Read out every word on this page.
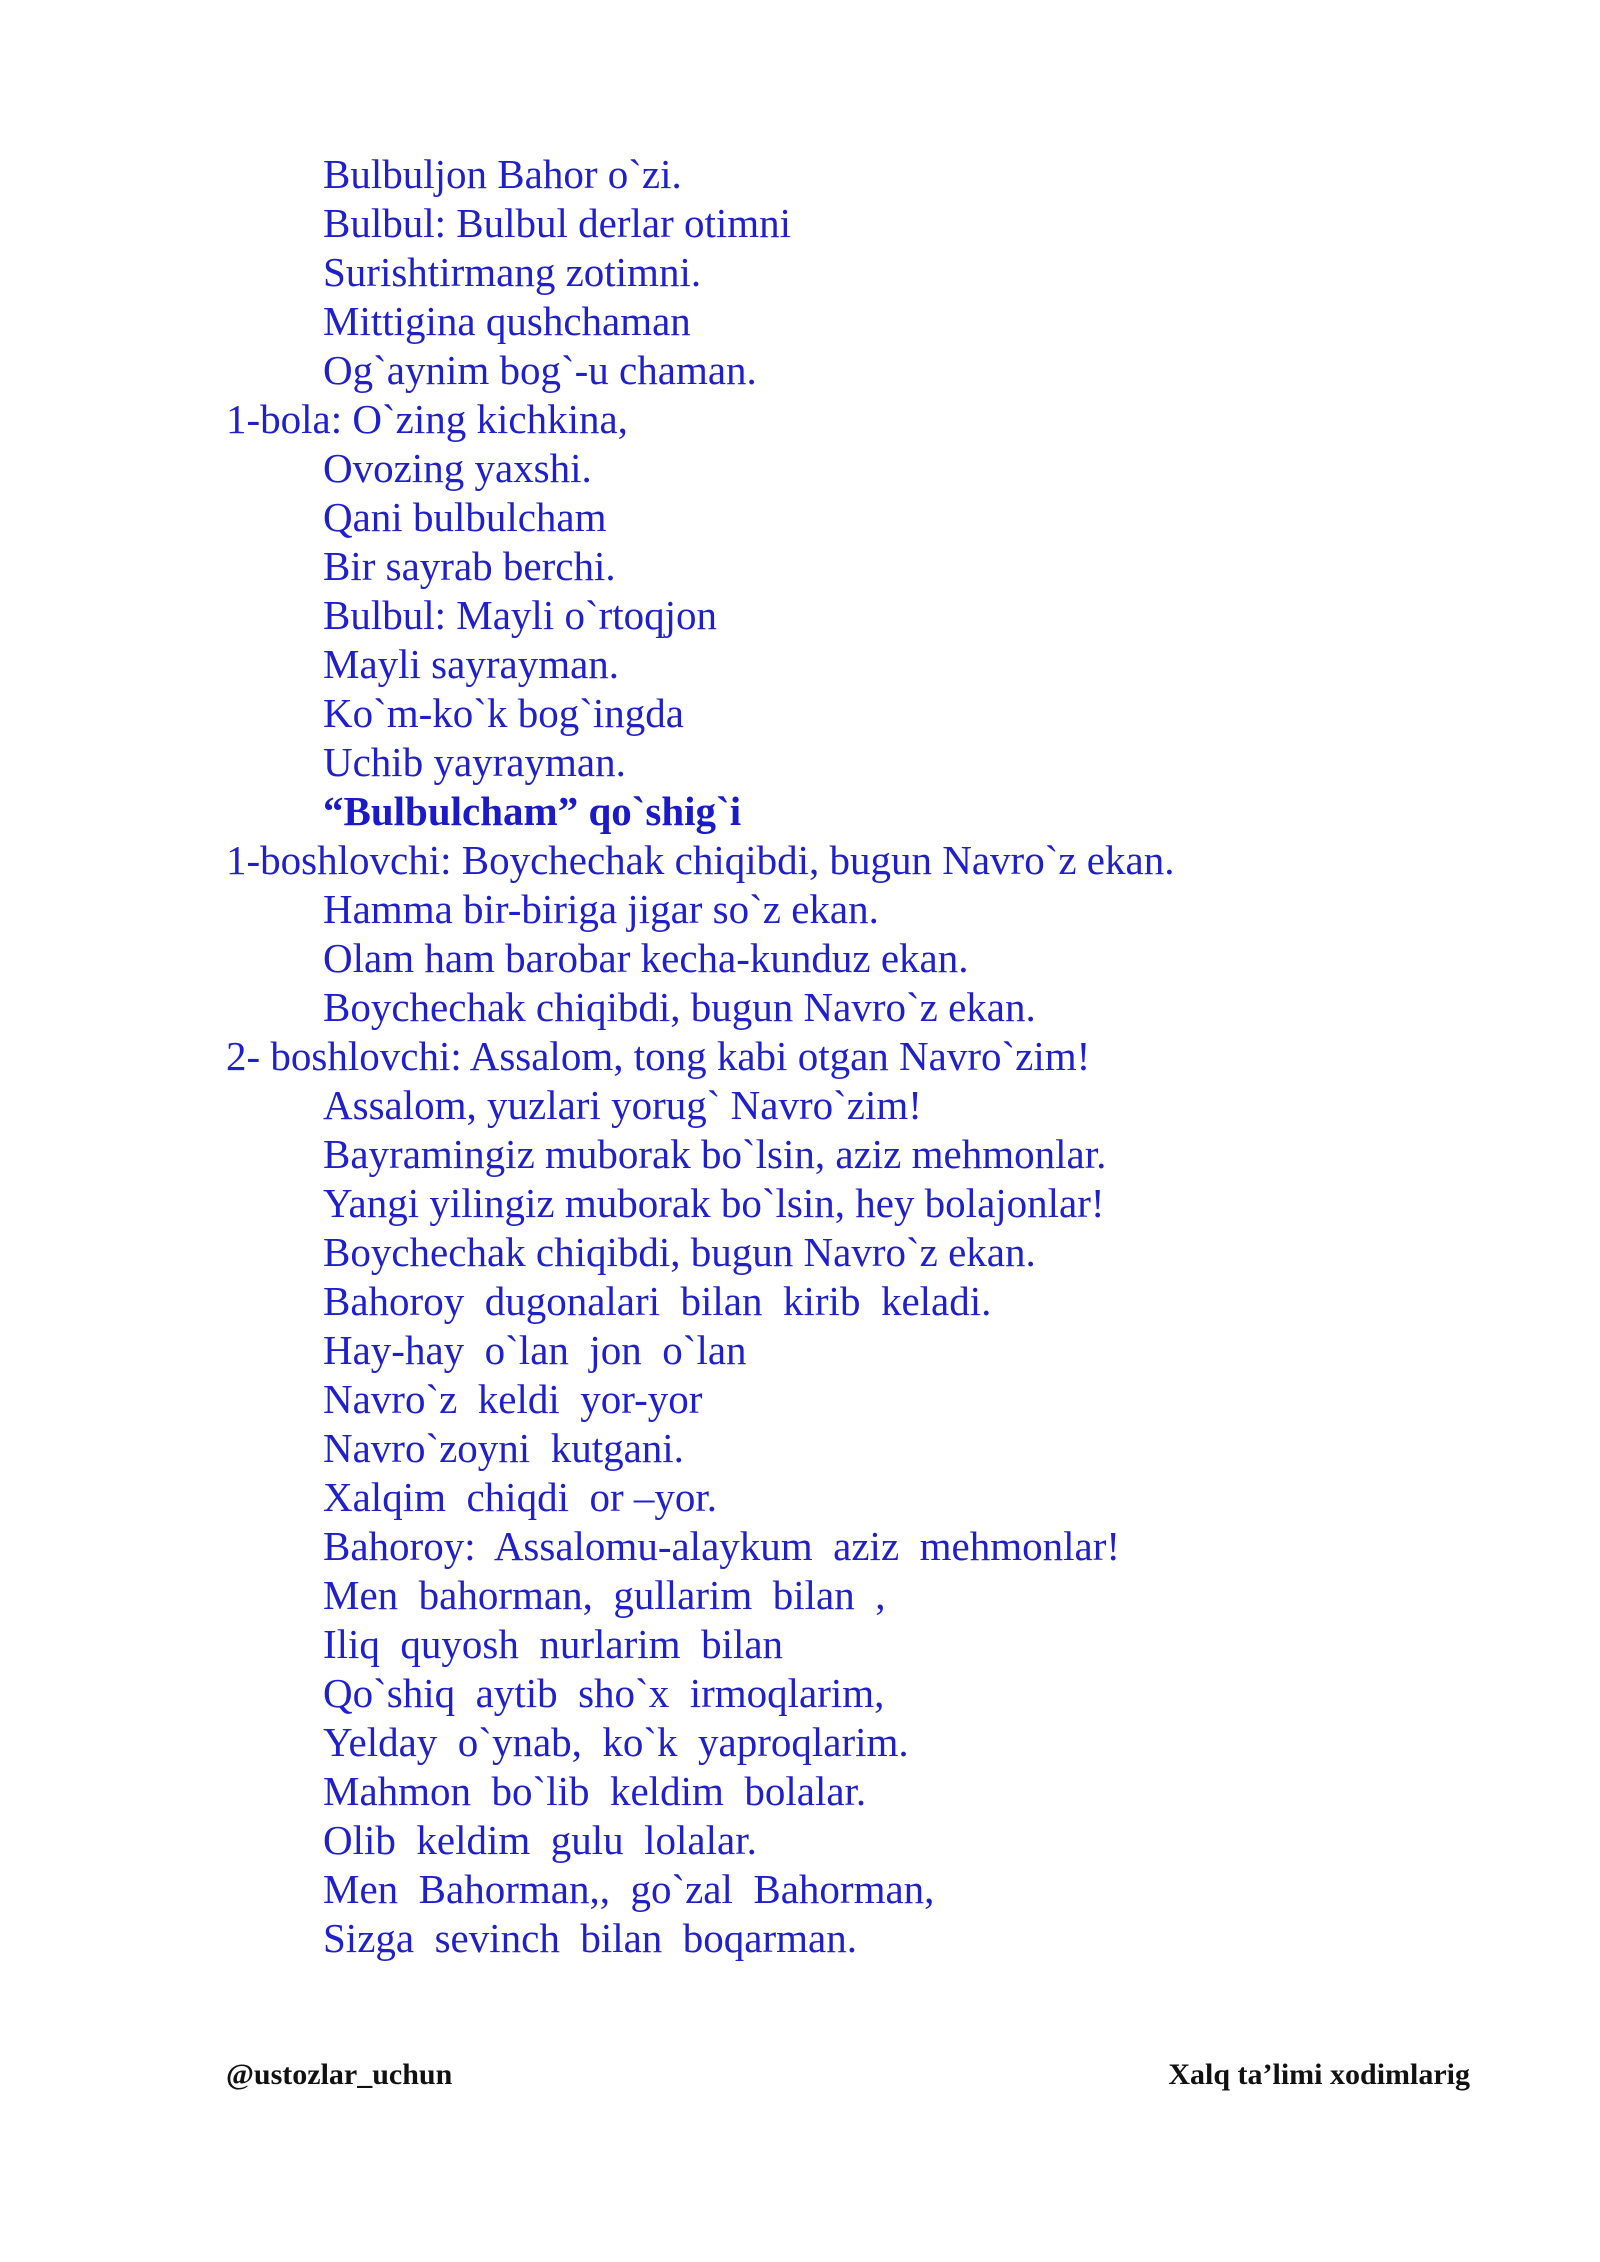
Bulbuljon Bahor o`zi.
Bulbul: Bulbul derlar otimni
Surishtirmang zotimni.
Mittigina qushchaman
Og`aynim bog`-u chaman.
1-bola: O`zing kichkina,
Ovozing yaxshi.
Qani bulbulcham
Bir sayrab berchi.
Bulbul: Mayli o`rtoqjon
Mayli sayrayman.
Ko`m-ko`k bog`ingda
Uchib yayrayman.
“Bulbulcham” qo`shig`i
1-boshlovchi: Boychechak chiqibdi, bugun Navro`z ekan.
Hamma bir-biriga jigar so`z ekan.
Olam ham barobar kecha-kunduz ekan.
Boychechak chiqibdi, bugun Navro`z ekan.
2- boshlovchi: Assalom, tong kabi otgan Navro`zim!
Assalom, yuzlari yorug` Navro`zim!
Bayramingiz muborak bo`lsin, aziz mehmonlar.
Yangi yilingiz muborak bo`lsin, hey bolajonlar!
Boychechak chiqibdi, bugun Navro`z ekan.
Bahoroy  dugonalari  bilan  kirib  keladi.
Hay-hay  o`lan  jon  o`lan
Navro`z  keldi  yor-yor
Navro`zoyni  kutgani.
Xalqim  chiqdi  or –yor.
Bahoroy:  Assalomu-alaykum  aziz  mehmonlar!
Men  bahorman,  gullarim  bilan  ,
Iliq  quyosh  nurlarim  bilan
Qo`shiq  aytib  sho`x  irmoqlarim,
Yelday  o`ynab,  ko`k  yaproqlarim.
Mahmon  bo`lib  keldim  bolalar.
Olib  keldim  gulu  lolalar.
Men  Bahorman,,  go`zal  Bahorman,
Sizga  sevinch  bilan  boqarman.
@ustozlar_uchun	Xalq ta’limi xodimlarig
